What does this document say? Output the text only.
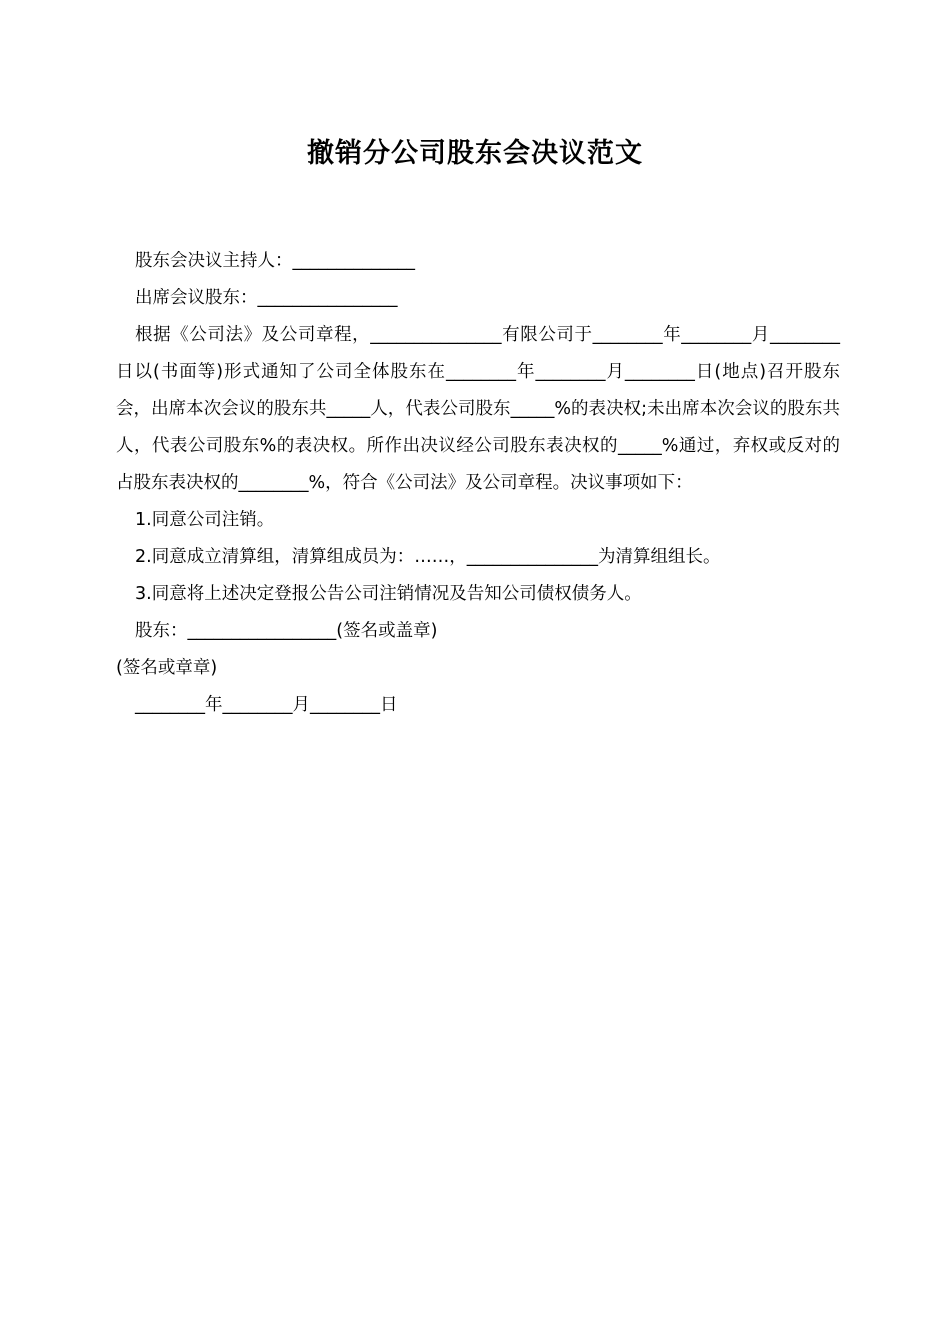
撤销分公司股东会决议范文

股东会决议主持人：______________

出席会议股东：________________

根据《公司法》及公司章程，_______________有限公司于________年________月________日以(书面等)形式通知了公司全体股东在________年________月________日(地点)召开股东会，出席本次会议的股东共_____人，代表公司股东_____%的表决权;未出席本次会议的股东共人，代表公司股东%的表决权。所作出决议经公司股东表决权的_____%通过，弃权或反对的占股东表决权的________%，符合《公司法》及公司章程。决议事项如下：

1.同意公司注销。

2.同意成立清算组，清算组成员为：……，_______________为清算组组长。

3.同意将上述决定登报公告公司注销情况及告知公司债权债务人。

股东：_________________(签名或盖章)

(签名或章章)

________年________月________日
